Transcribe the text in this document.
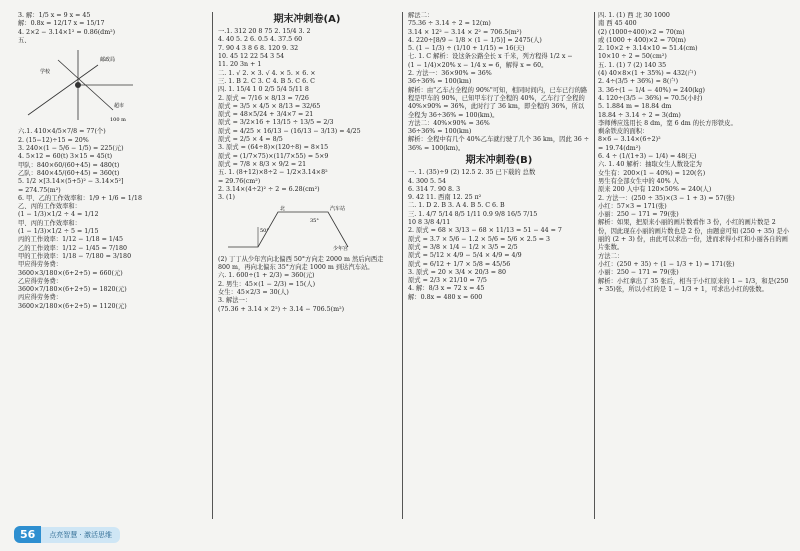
3. 解：1/5 x = 9 x = 45
解：0.8x = 12/17 x = 15/17
4. 2×2 − 3.14×1² = 0.86(dm²)
五、
邮政局
学校
超市
100 m
六.1. 410×4/5×7/8 = 77(个)
2. (15−12)÷15 = 20%
3. 240×(1 − 5/6 − 1/5) = 225(元)
4. 5×12 = 60(t) 3×15 = 45(t)
甲队：840×60/(60+45) = 480(t)
乙队：840×45/(60+45) = 360(t)
5. 1/2 ×[3.14×(5+5)² − 3.14×5²]
= 274.75(m²)
6. 甲、乙的工作效率和：1/9 + 1/6 = 1/18
乙、丙的工作效率和：
(1 − 1/3)×1/2 ÷ 4 = 1/12
甲、丙的工作效率和：
(1 − 1/3)×1/2 ÷ 5 = 1/15
丙的工作效率：1/12 − 1/18 = 1/45
乙的工作效率：1/12 − 1/45 = 7/180
甲的工作效率：1/18 − 7/180 = 3/180
甲应得劳务费：
3600×3/180×(6+2+5) = 660(元)
乙应得劳务费：
3600×7/180×(6+2+5) = 1820(元)
丙应得劳务费：
3600×2/180×(6+2+5) = 1120(元)
期末冲刺卷(A)
一.1. 312 20 8 75 2. 15/4 3. 2
4. 40 5. 2 6. 0.5 4. 37.5 60
7. 90 4 3 8 6 8. 120 9. 32
10. 45 12 22 54 3 54
11. 20 3n + 1
二. 1. √ 2. × 3. √ 4. × 5. × 6. ×
三. 1. B 2. C 3. C 4. B 5. C 6. C
四. 1. 15/4 1 0 2/5 5/4 5/11 8
2. 原式 = 7/16 × 8/13 = 7/26
原式 = 3/5 × 4/5 × 8/13 = 32/65
原式 = 48×5/24 + 3/4×7 = 21
原式 = 3/2×16 + 13/15 ÷ 13/5 = 2/3
原式 = 4/25 × 16/13 − (16/13 − 3/13) = 4/25
原式 = 2/5 × 4 = 8/5
3. 原式 = (64÷8)×(120÷8) = 8×15
原式 = (1/7×75)×(11/7×55) = 5×9
原式 = 7/8 × 8/3 × 9/2 = 21
五. 1. (8+12)×8÷2 − 1/2×3.14×8²
= 29.76(cm²)
2. 3.14×(4÷2)² ÷ 2 = 6.28(cm²)
3. (1)
汽车站
北
少年宫
50°
35°
(2) 丁丁从少年宫向北偏西 50°方向走 2000 m 然后向西走 800 m，再向北偏东 35°方向走 1000 m 到达汽车站。
六. 1. 600÷(1 + 2/3) = 360(元)
2. 男生：45×(1 − 2/3) = 15(人)
女生：45×2/3 = 30(人)
3. 解法一：
(75.36 + 3.14 × 2²) ÷ 3.14 − 706.5(m²)
解法二：
75.36 ÷ 3.14 ÷ 2 = 12(m)
3.14 × 12² − 3.14 × 2² = 706.5(m²)
4. 220÷[8/9 − 1/8 × (1 − 1/5)] = 2475(人)
5. (1 − 1/3) ÷ (1/10 + 1/15) = 16(天)
七. 1. C 解析：设这条公路全长 x 千米，列方程得 1/2 x −
(1 − 1/4)×20% x − 1/4 x = 6，解得 x = 60。
2. 方法一：36×90% = 36%
36÷36% = 100(km)
解析：由"乙车占全程的 90%"可知，相同时间内，已车已行的路程是甲车的 90%，已知甲车行了全程的 40%，乙车行了全程的 40%×90% = 36%，此时行了 36 km，即全程的 36%，所以全程为 36÷36% = 100(km)。
方法二：40%×90% = 36%
36÷36% = 100(km)
解析：全程中有几个 40%乙车就行驶了几个 36 km，因此 36 ÷ 36% = 100(km)。
期末冲刺卷(B)
一. 1. (35)÷9 (2) 12.5 2. 35 已下载的 总数
4. 300 5. 54
6. 314 7. 90 8. 3
9. 42 11. 西南 12. 25 π²
二. 1. D 2. B 3. A 4. B 5. C 6. B
三. 1. 4/7 5/14 8/5 1/11 0.9 9/8 16/5 7/15
10 8 3/8 4/11
2. 原式 = 68 × 3/13 − 68 × 11/13 = 51 − 44 = 7
原式 = 3.7 × 5/6 − 1.2 × 5/6 = 5/6 × 2.5 = 3
原式 = 3/8 × 1/4 − 1/2 × 3/5 = 2/5
原式 = 5/12 × 4/9 − 5/4 × 4/9 = 4/9
原式 = 6/12 + 1/7 × 5/8 = 45/56
3. 原式 = 20 × 3/4 × 20/3 = 80
原式 = 2/3 × 21/10 = 7/5
4. 解：8/3 x = 72 x = 45
解：0.8x = 480 x = 600
四. 1. (1) 西 北 30 1000
南 西 45 400
(2) (1000÷400)×2 = 70(m)
或 (1000 + 400)×2 = 70(m)
2. 10×2 + 3.14×10 = 51.4(cm)
10×10 ÷ 2 = 50(cm²)
五. 1. (1) 7 (2) 140 35
(4) 40×8×(1 + 35%) = 432(户)
2. 4÷(3/5 + 36%) = 8(户)
3. 36÷(1 − 1/4 − 40%) = 240(kg)
4. 120÷(3/5 − 36%) = 70.5(小时)
5. 1.884 m = 18.84 dm
18.84 ÷ 3.14 ÷ 2 = 3(dm)
李师傅应选用长 8 dm，宽 6 dm 的长方形铁皮。
剩余铁皮的面积：
8×6 − 3.14×(6÷2)²
= 19.74(dm²)
6. 4 ÷ (1/(1+3) − 1/4) = 48(天)
六. 1. 40 解析：抽取女生人数设定为
女生有：200×(1 − 40%) = 120(名)
男生有全部女生中的 40% 人
原来 200 人中有 120×50% = 240(人)
2. 方法一：(250 ÷ 35)×(3 − 1 + 3) = 57(张)
小红：57×3 = 171(张)
小丽：250 − 171 = 79(张)
解析：如果，把原来小丽的画片数看作 3 份，小红的画片数是 2 份，因此现在小丽的画片数也是 2 份，由题意可知 (250 + 35) 是小丽的 (2 + 3) 份，由此可以求出一份，进而求得小红和小丽各自的画片张数。
方法二：
小红：(250 + 35) ÷ (1 − 1/3 + 1) = 171(张)
小丽：250 − 171 = 79(张)
解析：小红拿出了 35 张后，相当于小红原来的 1 − 1/3，和是(250 + 35)张，所以小红的是 1 − 1/3 + 1，可求出小红的张数。
56	点亮智慧 · 激活思维
